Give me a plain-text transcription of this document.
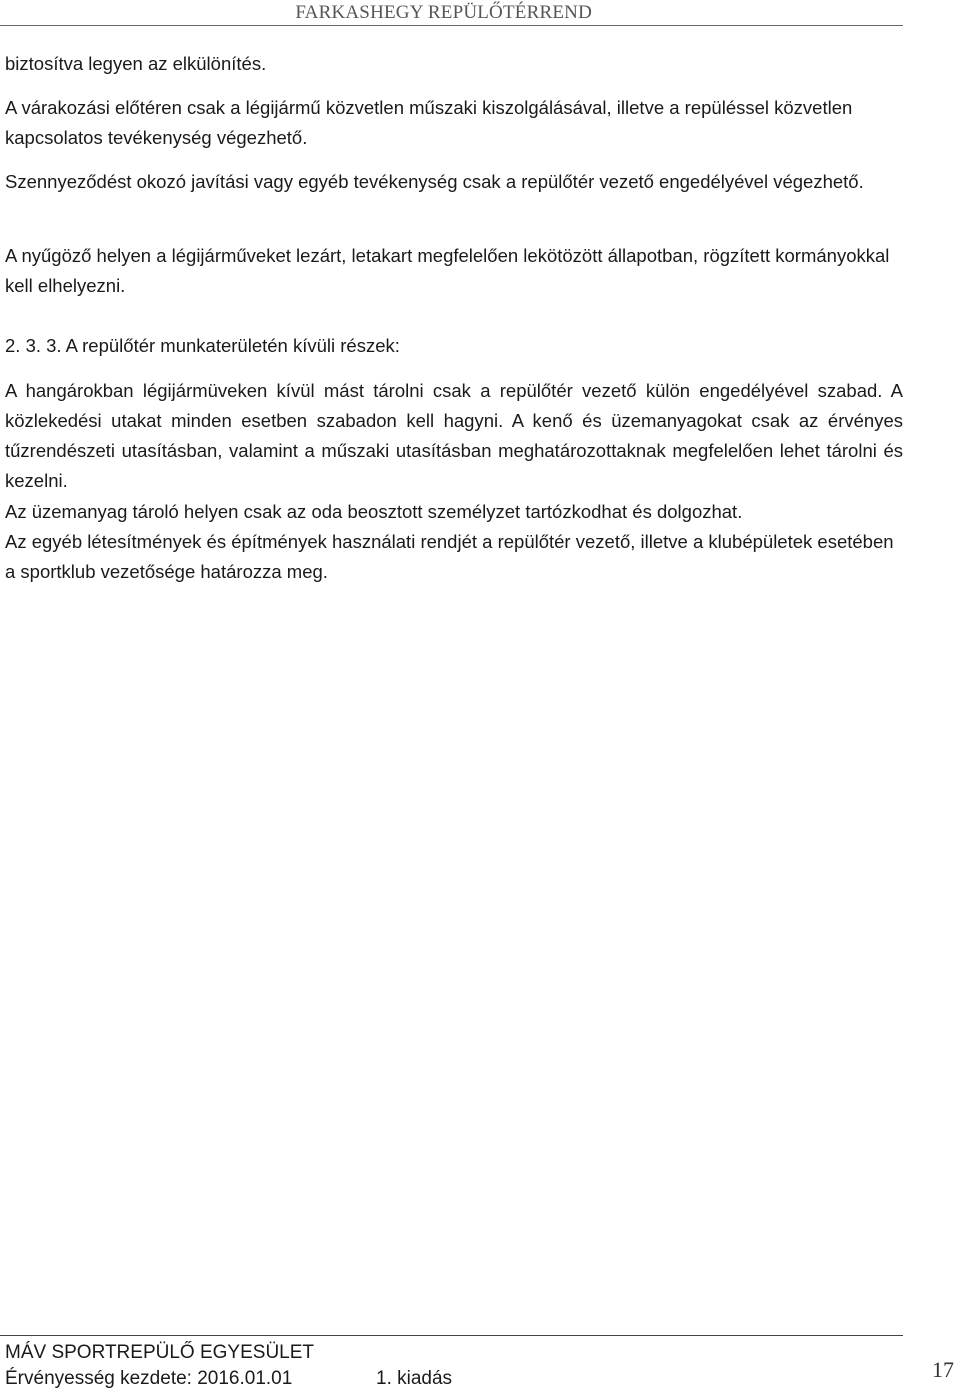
FARKASHEGY REPÜLŐTÉRREND

biztosítva legyen az elkülönítés.

A várakozási előtéren csak a légijármű közvetlen műszaki kiszolgálásával, illetve a repüléssel közvetlen kapcsolatos tevékenység végezhető.

Szennyeződést okozó javítási vagy egyéb tevékenység csak a repülőtér vezető engedélyével végezhető.

A nyűgöző helyen a légijárműveket lezárt, letakart megfelelően lekötözött állapotban, rögzített kormányokkal kell elhelyezni.

2. 3. 3. A repülőtér munkaterületén kívüli részek:

A hangárokban légijármüveken kívül mást tárolni csak a repülőtér vezető külön engedélyével szabad. A közlekedési utakat minden esetben szabadon kell hagyni. A kenő és üzemanyagokat csak az érvényes tűzrendészeti utasításban, valamint a műszaki utasításban meghatározottaknak megfelelően lehet tárolni és kezelni.

Az üzemanyag tároló helyen csak az oda beosztott személyzet tartózkodhat és dolgozhat.

Az egyéb létesítmények és építmények használati rendjét a repülőtér vezető, illetve a klubépületek esetében a sportklub vezetősége határozza meg.

MÁV SPORTREPÜLŐ EGYESÜLET
Érvényesség kezdete: 2016.01.01	1. kiadás	17
